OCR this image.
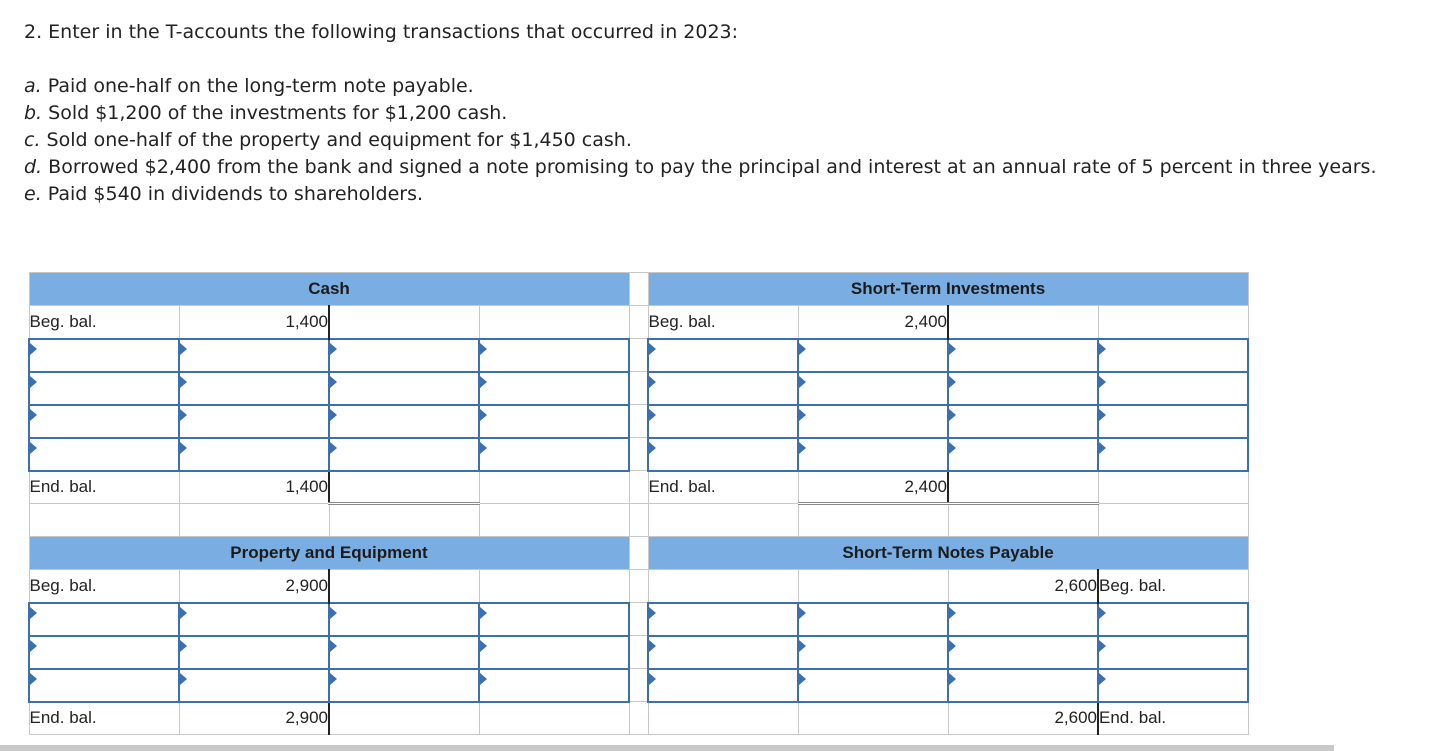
2. Enter in the T-accounts the following transactions that occurred in 2023:

a. Paid one-half on the long-term note payable.

b. Sold $1,200 of the investments for $1,200 cash.

c. Sold one-half of the property and equipment for $1,450 cash.

d. Borrowed $2,400 from the bank and signed a note promising to pay the principal and interest at an annual rate of 5 percent in three years.

e. Paid $540 in dividends to shareholders.

Cash					Short-Term Investments			
Beg. bal.	1,400				Beg. bal.	2,400		

End. bal.	1,400				End. bal.	2,400		

Property and Equipment					Short-Term Notes Payable			
Beg. bal.	2,900						2,600	Beg. bal.

End. bal.	2,900						2,600	End. bal.
